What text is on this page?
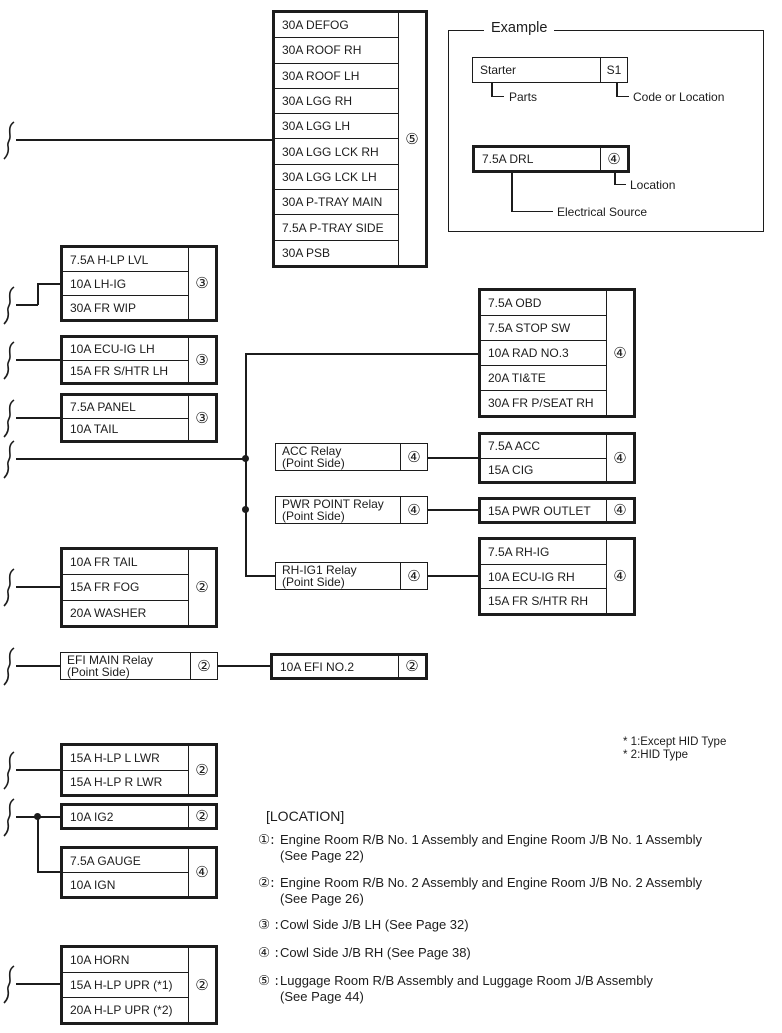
30A DEFOG
30A ROOF RH
30A ROOF LH
30A LGG RH
30A LGG LH
30A LGG LCK RH
30A LGG LCK LH
30A P-TRAY MAIN
7.5A P-TRAY SIDE
30A PSB
⑤
Example
Starter	S1
Parts	Code or Location
7.5A DRL	④
Location
Electrical Source
7.5A H-LP LVL
10A LH-IG
30A FR WIP
③
10A ECU-IG LH
15A FR S/HTR LH
③
7.5A PANEL
10A TAIL
③
7.5A OBD
7.5A STOP SW
10A RAD NO.3
20A TI&TE
30A FR P/SEAT RH
④
ACC Relay
(Point Side)	④
7.5A ACC
15A CIG
④
PWR POINT Relay
(Point Side)	④	15A PWR OUTLET	④
RH-IG1 Relay
(Point Side)	④
7.5A RH-IG
10A ECU-IG RH
15A FR S/HTR RH
④
10A FR TAIL
15A FR FOG
20A WASHER
②
EFI MAIN Relay
(Point Side)	②	10A EFI NO.2	②
15A H-LP L LWR
15A H-LP R LWR
②
10A IG2	②
7.5A GAUGE
10A IGN
④
10A HORN
15A H-LP UPR (*1)
20A H-LP UPR (*2)
②
* 1:Except HID Type
* 2:HID Type
[LOCATION]
①: Engine Room R/B No. 1 Assembly and Engine Room J/B No. 1 Assembly
(See Page 22)
②: Engine Room R/B No. 2 Assembly and Engine Room J/B No. 2 Assembly
(See Page 26)
③ : Cowl Side J/B LH (See Page 32)
④ : Cowl Side J/B RH (See Page 38)
⑤ : Luggage Room R/B Assembly and Luggage Room J/B Assembly
(See Page 44)
